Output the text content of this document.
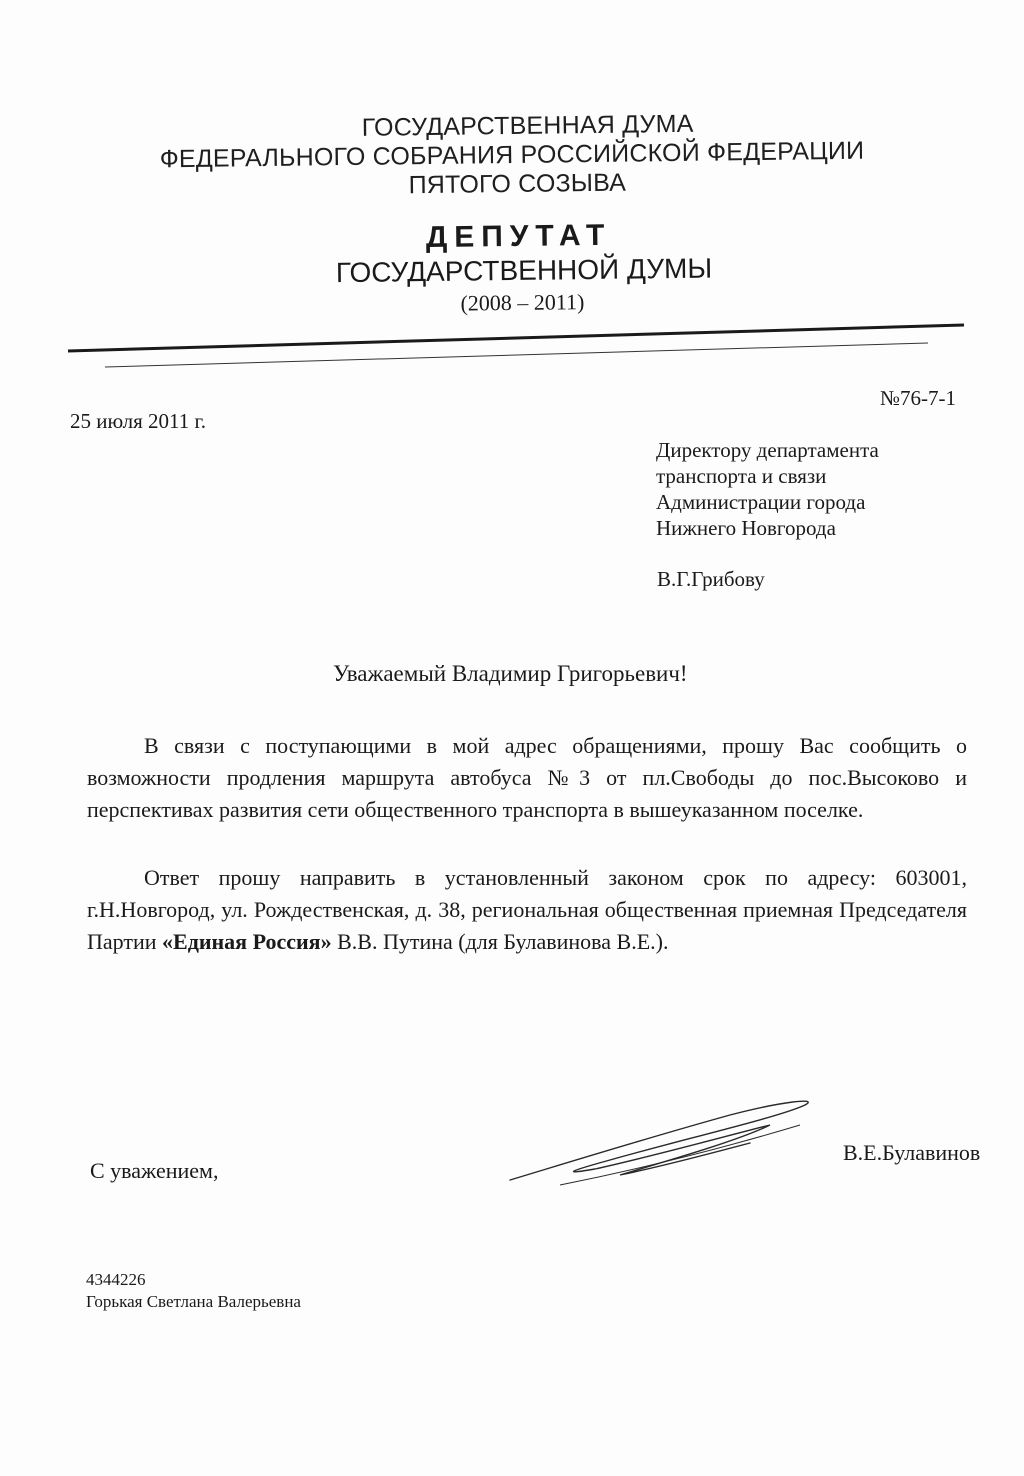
ГОСУДАРСТВЕННАЯ ДУМА
ФЕДЕРАЛЬНОГО СОБРАНИЯ РОССИЙСКОЙ ФЕДЕРАЦИИ
ПЯТОГО СОЗЫВА
ДЕПУТАТ
ГОСУДАРСТВЕННОЙ ДУМЫ
(2008 – 2011)
№76-7-1
25 июля 2011 г.
Директору департамента
транспорта и связи
Администрации города
Нижнего Новгорода
В.Г.Грибову
Уважаемый Владимир Григорьевич!
В связи с поступающими в мой адрес обращениями, прошу Вас сообщить о возможности продления маршрута автобуса №3 от пл.Свободы до пос.Высоково и перспективах развития сети общественного транспорта в вышеуказанном поселке.
Ответ прошу направить в установленный законом срок по адресу: 603001, г.Н.Новгород, ул. Рождественская, д. 38, региональная общественная приемная Председателя Партии «Единая Россия» В.В. Путина (для Булавинова В.Е.).
С уважением,
В.Е.Булавинов
4344226
Горькая Светлана Валерьевна
